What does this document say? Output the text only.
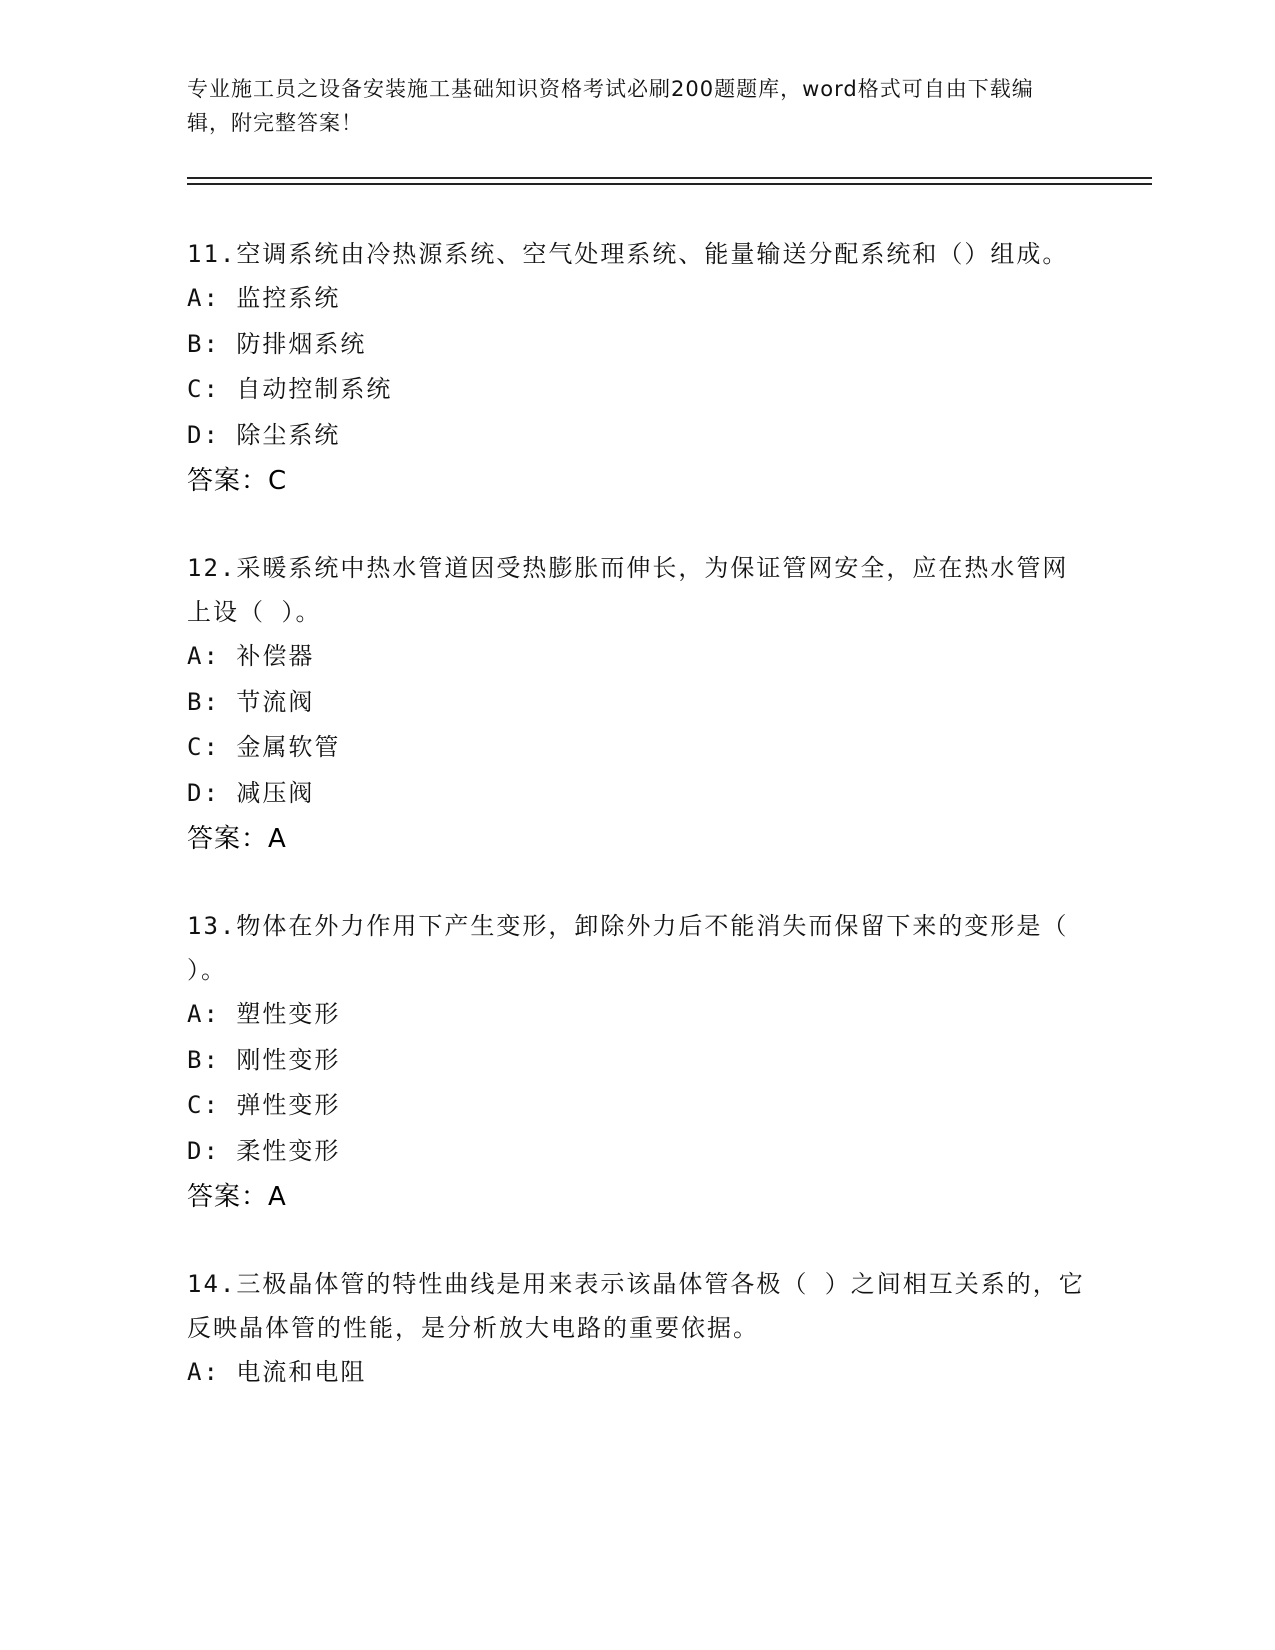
专业施工员之设备安装施工基础知识资格考试必刷200题题库，word格式可自由下载编辑，附完整答案！

11.空调系统由冷热源系统、空气处理系统、能量输送分配系统和（）组成。

A: 监控系统

B: 防排烟系统

C: 自动控制系统

D: 除尘系统

答案：C

12.采暖系统中热水管道因受热膨胀而伸长，为保证管网安全，应在热水管网上设（ ）。

A: 补偿器

B: 节流阀

C: 金属软管

D: 减压阀

答案：A

13.物体在外力作用下产生变形，卸除外力后不能消失而保留下来的变形是（ ）。

A: 塑性变形

B: 刚性变形

C: 弹性变形

D: 柔性变形

答案：A

14.三极晶体管的特性曲线是用来表示该晶体管各极（ ）之间相互关系的，它反映晶体管的性能，是分析放大电路的重要依据。

A: 电流和电阻
